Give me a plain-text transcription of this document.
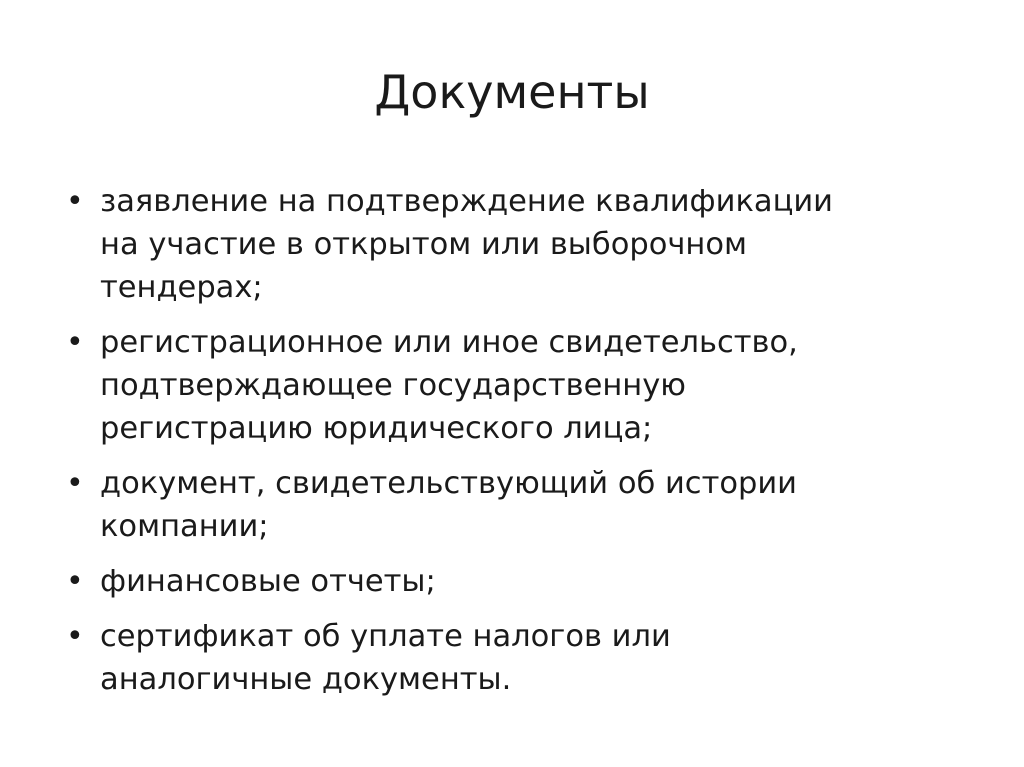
Документы
• заявление на подтверждение квалификации
на участие в открытом или выборочном
тендерах;
• регистрационное или иное свидетельство,
подтверждающее государственную
регистрацию юридического лица;
• документ, свидетельствующий об истории
компании;
• финансовые отчеты;
• сертификат об уплате налогов или
аналогичные документы.
